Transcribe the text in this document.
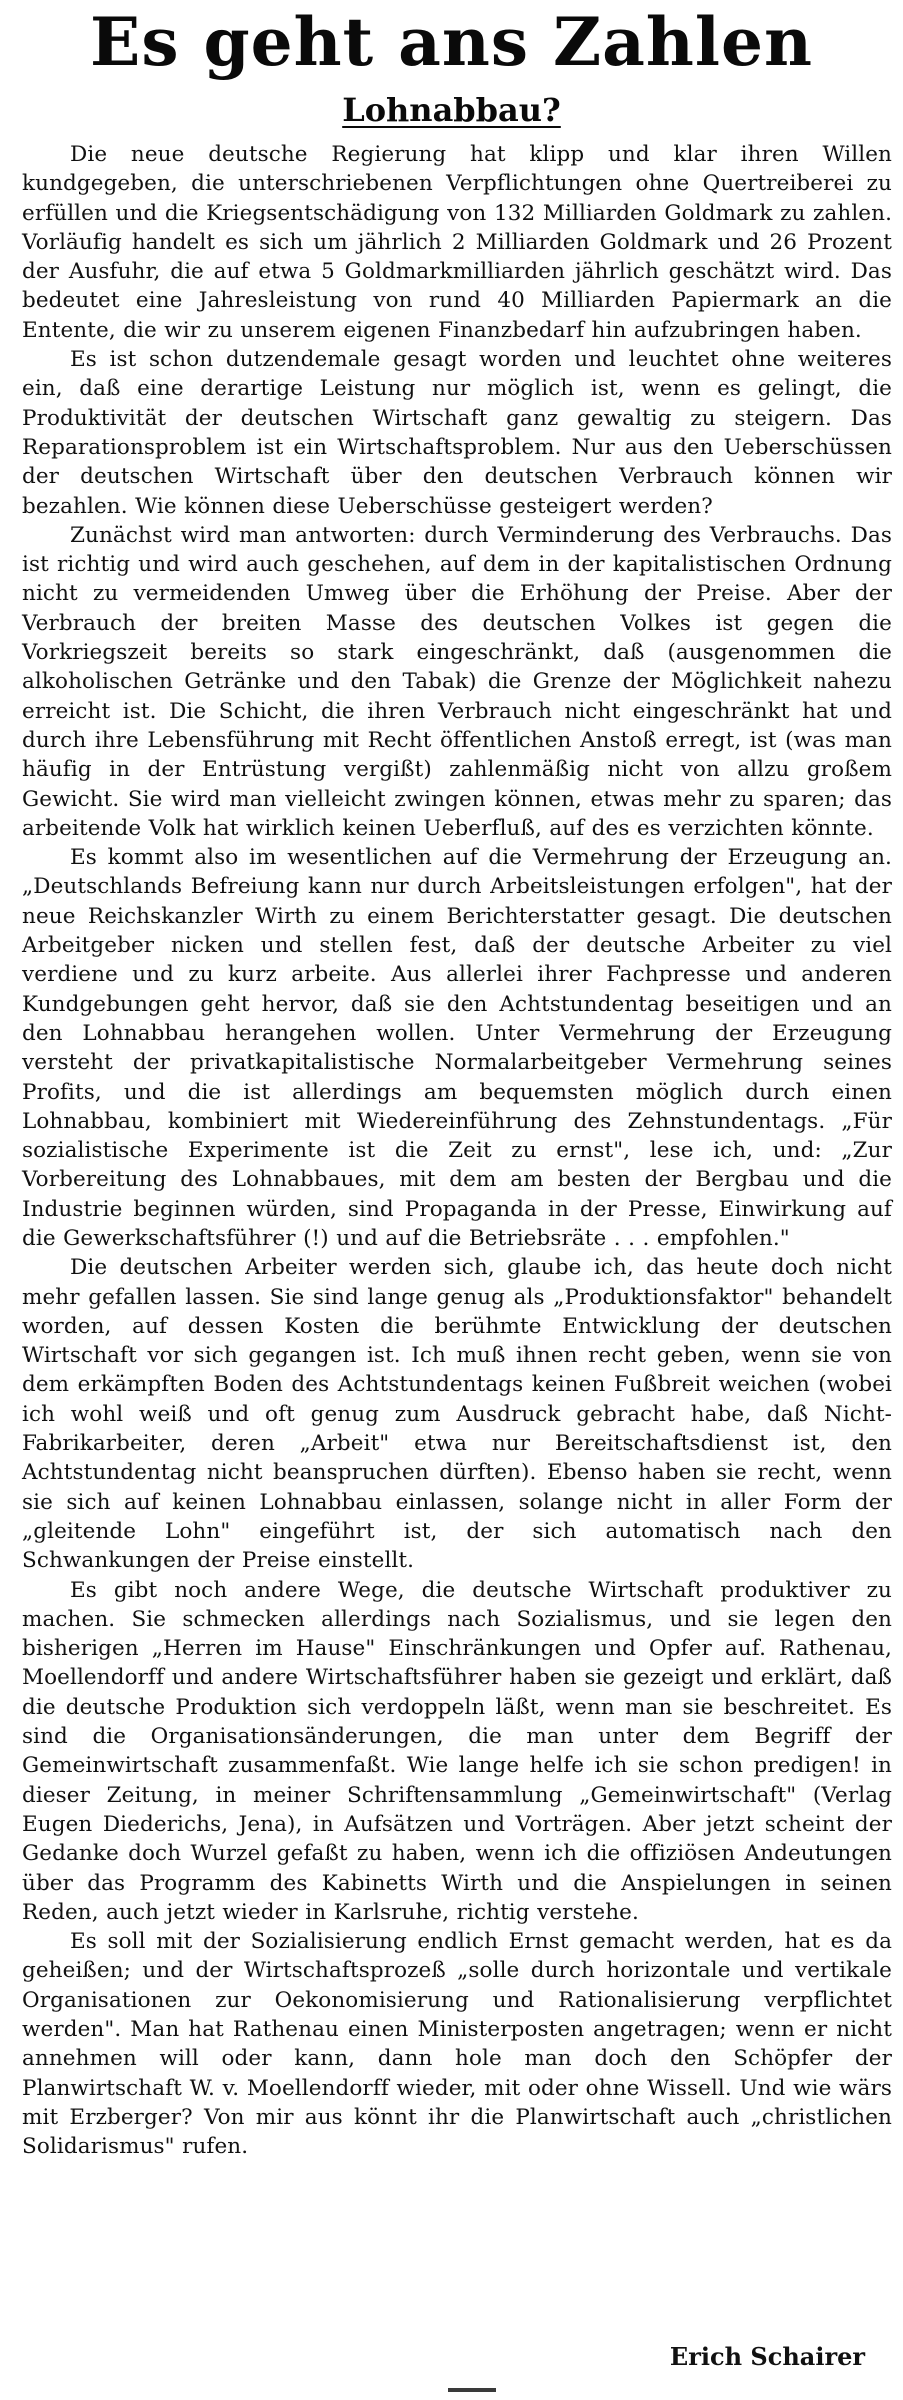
Es geht ans Zahlen
Lohnabbau?

Die neue deutsche Regierung hat klipp und klar ihren Willen kundgegeben, die unterschriebenen Verpflichtungen ohne Quertreiberei zu erfüllen und die Kriegsentschädigung von 132 Milliarden Goldmark zu zahlen. Vorläufig handelt es sich um jährlich 2 Milliarden Goldmark und 26 Prozent der Ausfuhr, die auf etwa 5 Goldmarkmilliarden jährlich geschätzt wird. Das bedeutet eine Jahresleistung von rund 40 Milliarden Papiermark an die Entente, die wir zu unserem eigenen Finanzbedarf hin aufzubringen haben.

Es ist schon dutzendemale gesagt worden und leuchtet ohne weiteres ein, daß eine derartige Leistung nur möglich ist, wenn es gelingt, die Produktivität der deutschen Wirtschaft ganz gewaltig zu steigern. Das Reparationsproblem ist ein Wirtschaftsproblem. Nur aus den Ueberschüssen der deutschen Wirtschaft über den deutschen Verbrauch können wir bezahlen. Wie können diese Ueberschüsse gesteigert werden?

Zunächst wird man antworten: durch Verminderung des Verbrauchs. Das ist richtig und wird auch geschehen, auf dem in der kapitalistischen Ordnung nicht zu vermeidenden Umweg über die Erhöhung der Preise. Aber der Verbrauch der breiten Masse des deutschen Volkes ist gegen die Vorkriegszeit bereits so stark eingeschränkt, daß (ausgenommen die alkoholischen Getränke und den Tabak) die Grenze der Möglichkeit nahezu erreicht ist. Die Schicht, die ihren Verbrauch nicht eingeschränkt hat und durch ihre Lebensführung mit Recht öffentlichen Anstoß erregt, ist (was man häufig in der Entrüstung vergißt) zahlenmäßig nicht von allzu großem Gewicht. Sie wird man vielleicht zwingen können, etwas mehr zu sparen; das arbeitende Volk hat wirklich keinen Ueberfluß, auf des es verzichten könnte.

Es kommt also im wesentlichen auf die Vermehrung der Erzeugung an. „Deutschlands Befreiung kann nur durch Arbeitsleistungen erfolgen", hat der neue Reichskanzler Wirth zu einem Berichterstatter gesagt. Die deutschen Arbeitgeber nicken und stellen fest, daß der deutsche Arbeiter zu viel verdiene und zu kurz arbeite. Aus allerlei ihrer Fachpresse und anderen Kundgebungen geht hervor, daß sie den Achtstundentag beseitigen und an den Lohnabbau herangehen wollen. Unter Vermehrung der Erzeugung versteht der privatkapitalistische Normalarbeitgeber Vermehrung seines Profits, und die ist allerdings am bequemsten möglich durch einen Lohnabbau, kombiniert mit Wiedereinführung des Zehnstundentags. „Für sozialistische Experimente ist die Zeit zu ernst", lese ich, und: „Zur Vorbereitung des Lohnabbaues, mit dem am besten der Bergbau und die Industrie beginnen würden, sind Propaganda in der Presse, Einwirkung auf die Gewerkschaftsführer (!) und auf die Betriebsräte . . . empfohlen."

Die deutschen Arbeiter werden sich, glaube ich, das heute doch nicht mehr gefallen lassen. Sie sind lange genug als „Produktionsfaktor" behandelt worden, auf dessen Kosten die berühmte Entwicklung der deutschen Wirtschaft vor sich gegangen ist. Ich muß ihnen recht geben, wenn sie von dem erkämpften Boden des Achtstundentags keinen Fußbreit weichen (wobei ich wohl weiß und oft genug zum Ausdruck gebracht habe, daß Nicht-Fabrikarbeiter, deren „Arbeit" etwa nur Bereitschaftsdienst ist, den Achtstundentag nicht beanspruchen dürften). Ebenso haben sie recht, wenn sie sich auf keinen Lohnabbau einlassen, solange nicht in aller Form der „gleitende Lohn" eingeführt ist, der sich automatisch nach den Schwankungen der Preise einstellt.

Es gibt noch andere Wege, die deutsche Wirtschaft produktiver zu machen. Sie schmecken allerdings nach Sozialismus, und sie legen den bisherigen „Herren im Hause" Einschränkungen und Opfer auf. Rathenau, Moellendorff und andere Wirtschaftsführer haben sie gezeigt und erklärt, daß die deutsche Produktion sich verdoppeln läßt, wenn man sie beschreitet. Es sind die Organisationsänderungen, die man unter dem Begriff der Gemeinwirtschaft zusammenfaßt. Wie lange helfe ich sie schon predigen! in dieser Zeitung, in meiner Schriftensammlung „Gemeinwirtschaft" (Verlag Eugen Diederichs, Jena), in Aufsätzen und Vorträgen. Aber jetzt scheint der Gedanke doch Wurzel gefaßt zu haben, wenn ich die offiziösen Andeutungen über das Programm des Kabinetts Wirth und die Anspielungen in seinen Reden, auch jetzt wieder in Karlsruhe, richtig verstehe.

Es soll mit der Sozialisierung endlich Ernst gemacht werden, hat es da geheißen; und der Wirtschaftsprozeß „solle durch horizontale und vertikale Organisationen zur Oekonomisierung und Rationalisierung verpflichtet werden". Man hat Rathenau einen Ministerposten angetragen; wenn er nicht annehmen will oder kann, dann hole man doch den Schöpfer der Planwirtschaft W. v. Moellendorff wieder, mit oder ohne Wissell. Und wie wärs mit Erzberger? Von mir aus könnt ihr die Planwirtschaft auch „christlichen Solidarismus" rufen.

Erich Schairer
